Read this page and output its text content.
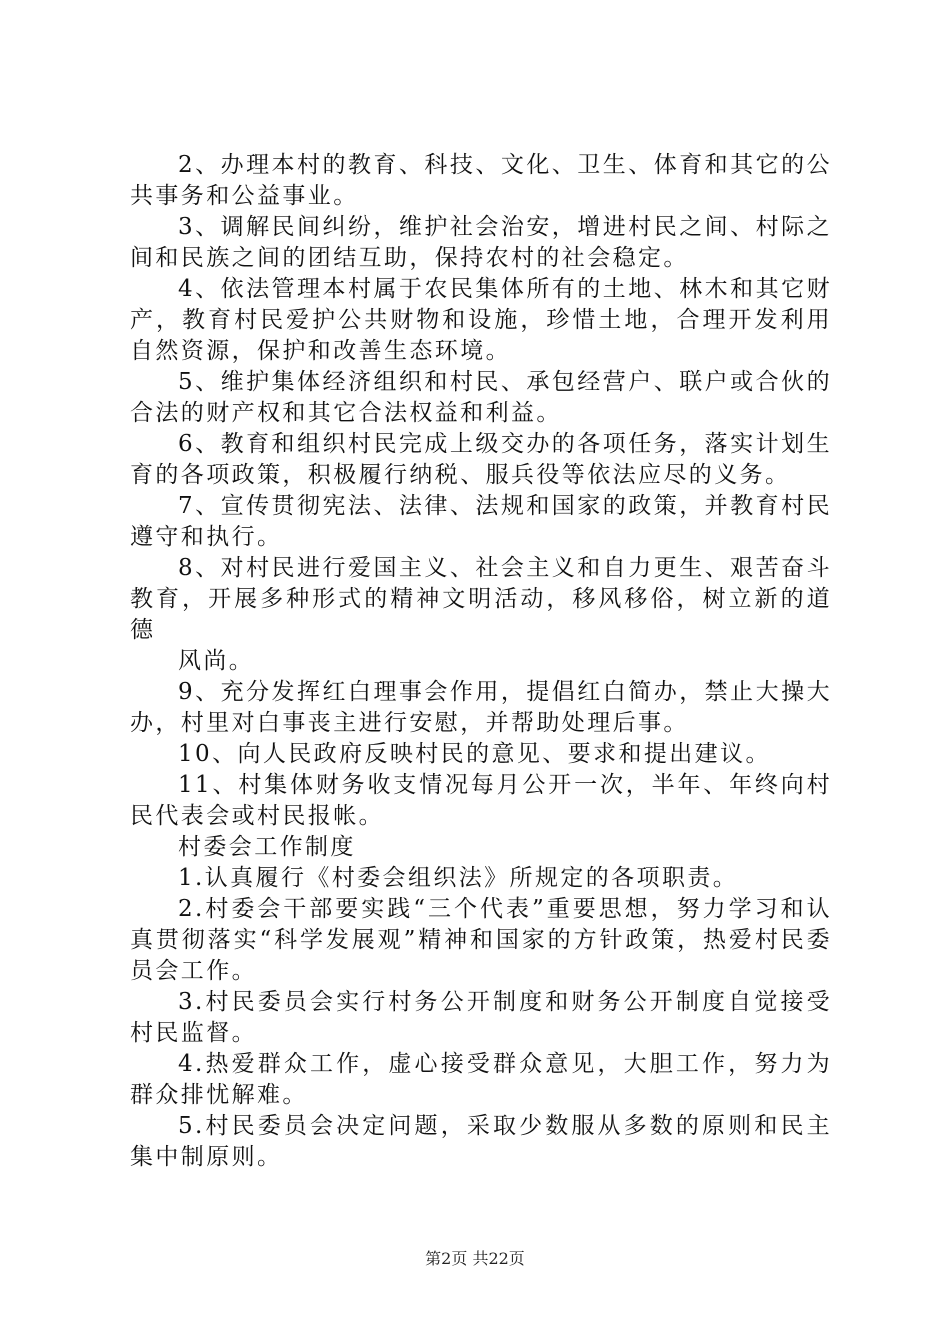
2、办理本村的教育、科技、文化、卫生、体育和其它的公共事务和公益事业。

3、调解民间纠纷，维护社会治安，增进村民之间、村际之间和民族之间的团结互助，保持农村的社会稳定。

4、依法管理本村属于农民集体所有的土地、林木和其它财产，教育村民爱护公共财物和设施，珍惜土地，合理开发利用自然资源，保护和改善生态环境。

5、维护集体经济组织和村民、承包经营户、联户或合伙的合法的财产权和其它合法权益和利益。

6、教育和组织村民完成上级交办的各项任务，落实计划生育的各项政策，积极履行纳税、服兵役等依法应尽的义务。

7、宣传贯彻宪法、法律、法规和国家的政策，并教育村民遵守和执行。

8、对村民进行爱国主义、社会主义和自力更生、艰苦奋斗教育，开展多种形式的精神文明活动，移风移俗，树立新的道德

风尚。

9、充分发挥红白理事会作用，提倡红白简办，禁止大操大办，村里对白事丧主进行安慰，并帮助处理后事。

10、向人民政府反映村民的意见、要求和提出建议。

11、村集体财务收支情况每月公开一次，半年、年终向村民代表会或村民报帐。

村委会工作制度

1.认真履行《村委会组织法》所规定的各项职责。

2.村委会干部要实践“三个代表”重要思想，努力学习和认真贯彻落实“科学发展观”精神和国家的方针政策，热爱村民委员会工作。

3.村民委员会实行村务公开制度和财务公开制度自觉接受村民监督。

4.热爱群众工作，虚心接受群众意见，大胆工作，努力为群众排忧解难。

5.村民委员会决定问题，采取少数服从多数的原则和民主集中制原则。

第2页 共22页
